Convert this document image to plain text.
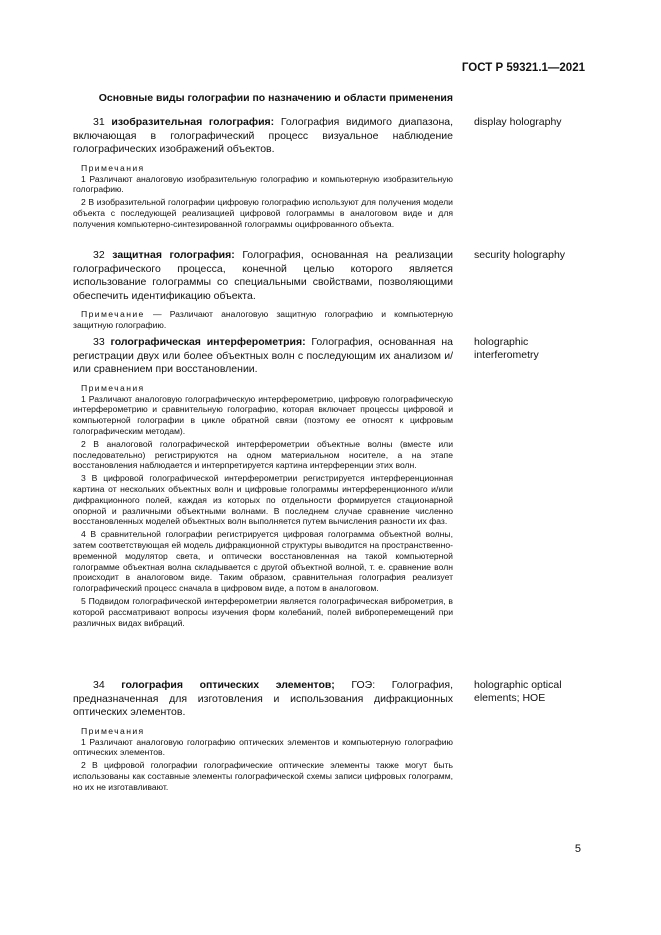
ГОСТ Р 59321.1—2021
Основные виды голографии по назначению и области применения
31 изобразительная голография: Голография видимого диапазона, включающая в голографический процесс визуальное наблюдение голографических изображений объектов.
Примечания
1 Различают аналоговую изобразительную голографию и компьютерную изобразительную голографию.
2 В изобразительной голографии цифровую голографию используют для получения модели объекта с последующей реализацией цифровой голограммы в аналоговом виде и для получения компьютерно-синтезированной голограммы оцифрованного объекта.
display holography
32 защитная голография: Голография, основанная на реализации голографического процесса, конечной целью которого является использование голограммы со специальными свойствами, позволяющими обеспечить идентификацию объекта.
Примечание — Различают аналоговую защитную голографию и компьютерную защитную голографию.
security holography
33 голографическая интерферометрия: Голография, основанная на регистрации двух или более объектных волн с последующим их анализом и/или сравнением при восстановлении.
Примечания
1 Различают аналоговую голографическую интерферометрию, цифровую голографическую интерферометрию и сравнительную голографию, которая включает процессы цифровой и компьютерной голографии в цикле обратной связи (поэтому ее относят к цифровым голографическим методам).
2 В аналоговой голографической интерферометрии объектные волны (вместе или последовательно) регистрируются на одном материальном носителе, а на этапе восстановления наблюдается и интерпретируется картина интерференции этих волн.
3 В цифровой голографической интерферометрии регистрируется интерференционная картина от нескольких объектных волн и цифровые голограммы интерференционного и/или дифракционного полей, каждая из которых по отдельности формируется стационарной опорной и различными объектными волнами. В последнем случае сравнение численно восстановленных моделей объектных волн выполняется путем вычисления разности их фаз.
4 В сравнительной голографии регистрируется цифровая голограмма объектной волны, затем соответствующая ей модель дифракционной структуры выводится на пространственно-временной модулятор света, и оптически восстановленная на такой компьютерной голограмме объектная волна складывается с другой объектной волной, т. е. сравнение волн происходит в аналоговом виде. Таким образом, сравнительная голография реализует голографический процесс сначала в цифровом виде, а потом в аналоговом.
5 Подвидом голографической интерферометрии является голографическая виброметрия, в которой рассматривают вопросы изучения форм колебаний, полей виброперемещений при различных видах вибраций.
holographic
interferometry
34 голография оптических элементов; ГОЭ: Голография, предназначенная для изготовления и использования дифракционных оптических элементов.
Примечания
1 Различают аналоговую голографию оптических элементов и компьютерную голографию оптических элементов.
2 В цифровой голографии голографические оптические элементы также могут быть использованы как составные элементы голографической схемы записи цифровых голограмм, но их не изготавливают.
holographic optical
elements; HOE
5
